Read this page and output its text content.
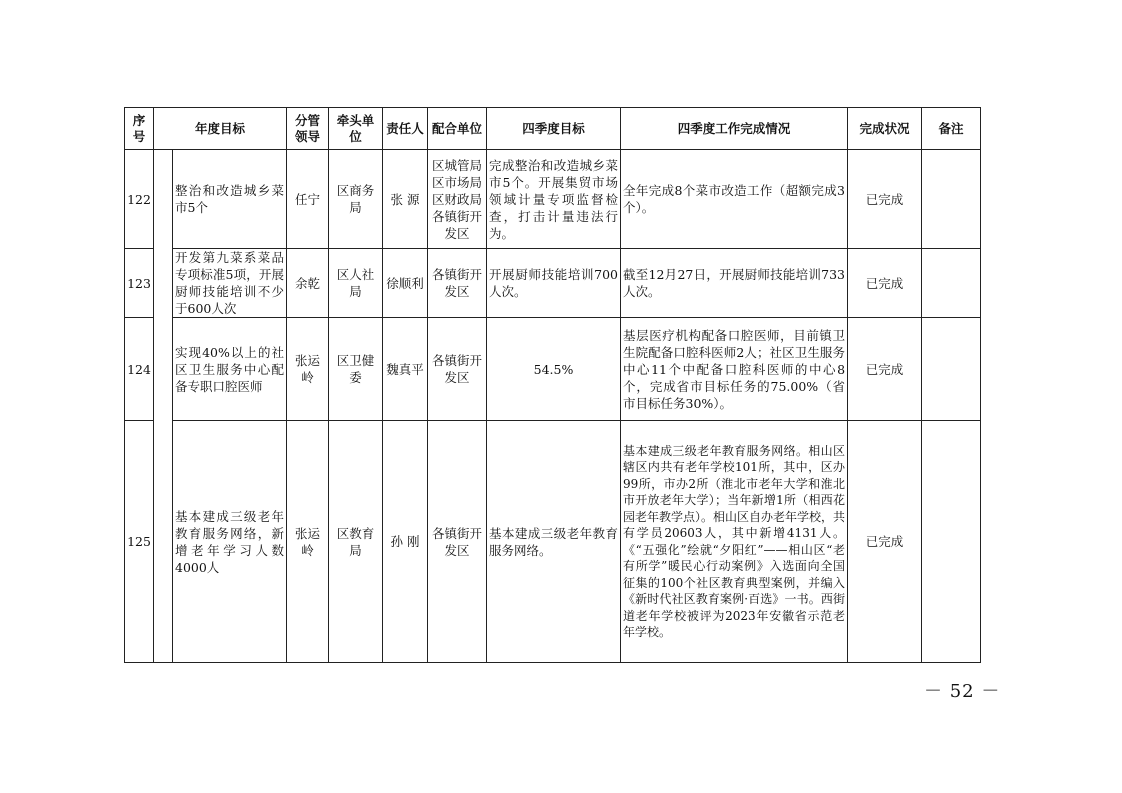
序号	年度目标		分管领导	牵头单位	责任人	配合单位	四季度目标	四季度工作完成情况	完成状况	备注
122		整治和改造城乡菜市5个	任宁	区商务局	张 源	区城管局区市场局区财政局各镇街开发区	完成整治和改造城乡菜市5个。开展集贸市场领域计量专项监督检查，打击计量违法行为。	全年完成8个菜市改造工作（超额完成3个）。	已完成	
123		开发第九菜系菜品专项标准5项，开展厨师技能培训不少于600人次	余乾	区人社局	徐顺利	各镇街开发区	开展厨师技能培训700人次。	截至12月27日，开展厨师技能培训733人次。	已完成	
124		实现40%以上的社区卫生服务中心配备专职口腔医师	张运岭	区卫健委	魏真平	各镇街开发区	54.5%	基层医疗机构配备口腔医师，目前镇卫生院配备口腔科医师2人；社区卫生服务中心11个中配备口腔科医师的中心8个，完成省市目标任务的75.00%（省市目标任务30%）。	已完成	
125		基本建成三级老年教育服务网络，新增老年学习人数4000人	张运岭	区教育局	孙 刚	各镇街开发区	基本建成三级老年教育服务网络。	基本建成三级老年教育服务网络。相山区辖区内共有老年学校101所，其中，区办99所，市办2所（淮北市老年大学和淮北市开放老年大学）；当年新增1所（相西花园老年教学点）。相山区自办老年学校，共有学员20603人，其中新增4131人。《“五强化”绘就“夕阳红”——相山区“老有所学”暖民心行动案例》入选面向全国征集的100个社区教育典型案例，并编入《新时代社区教育案例·百选》一书。西街道老年学校被评为2023年安徽省示范老年学校。	已完成	
－ 52 －
